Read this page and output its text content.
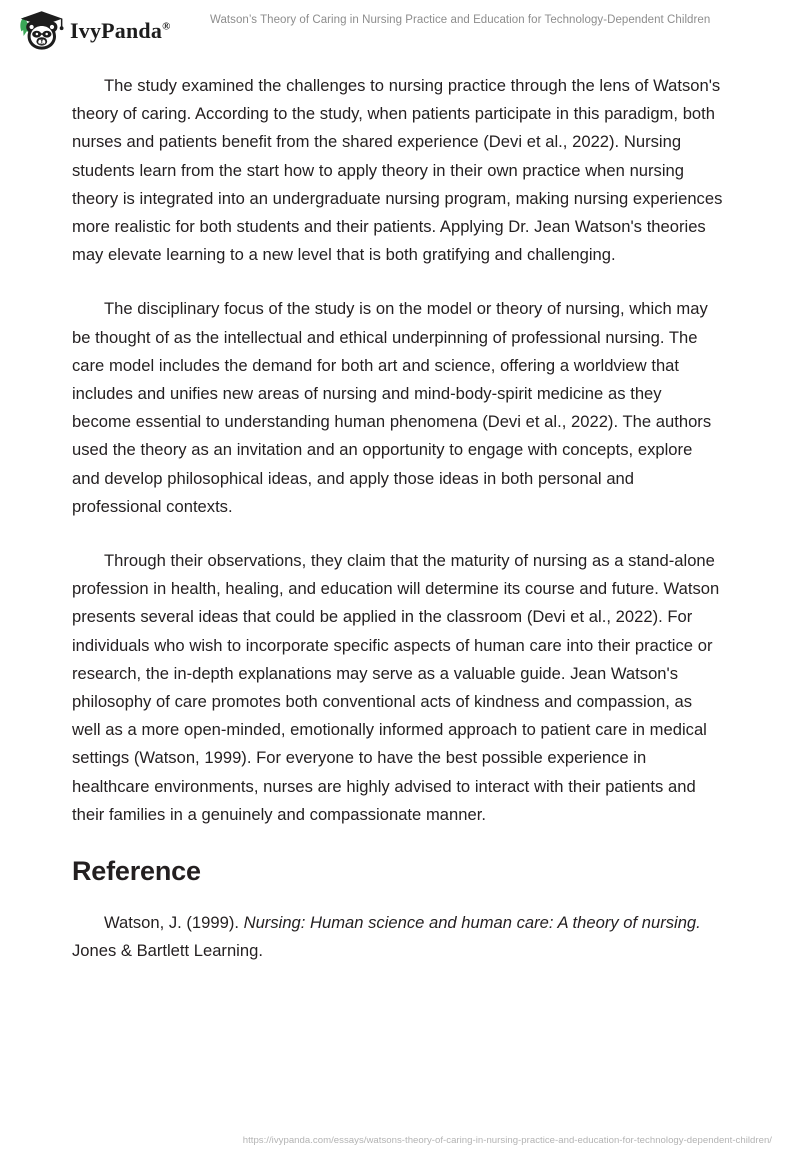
IvyPanda®
Watson’s Theory of Caring in Nursing Practice and Education for Technology-Dependent Children

The study examined the challenges to nursing practice through the lens of Watson's theory of caring. According to the study, when patients participate in this paradigm, both nurses and patients benefit from the shared experience (Devi et al., 2022). Nursing students learn from the start how to apply theory in their own practice when nursing theory is integrated into an undergraduate nursing program, making nursing experiences more realistic for both students and their patients. Applying Dr. Jean Watson's theories may elevate learning to a new level that is both gratifying and challenging.

The disciplinary focus of the study is on the model or theory of nursing, which may be thought of as the intellectual and ethical underpinning of professional nursing. The care model includes the demand for both art and science, offering a worldview that includes and unifies new areas of nursing and mind-body-spirit medicine as they become essential to understanding human phenomena (Devi et al., 2022). The authors used the theory as an invitation and an opportunity to engage with concepts, explore and develop philosophical ideas, and apply those ideas in both personal and professional contexts.

Through their observations, they claim that the maturity of nursing as a stand-alone profession in health, healing, and education will determine its course and future. Watson presents several ideas that could be applied in the classroom (Devi et al., 2022). For individuals who wish to incorporate specific aspects of human care into their practice or research, the in-depth explanations may serve as a valuable guide. Jean Watson's philosophy of care promotes both conventional acts of kindness and compassion, as well as a more open-minded, emotionally informed approach to patient care in medical settings (Watson, 1999). For everyone to have the best possible experience in healthcare environments, nurses are highly advised to interact with their patients and their families in a genuinely and compassionate manner.

Reference

Watson, J. (1999). Nursing: Human science and human care: A theory of nursing. Jones & Bartlett Learning.

https://ivypanda.com/essays/watsons-theory-of-caring-in-nursing-practice-and-education-for-technology-dependent-children/
